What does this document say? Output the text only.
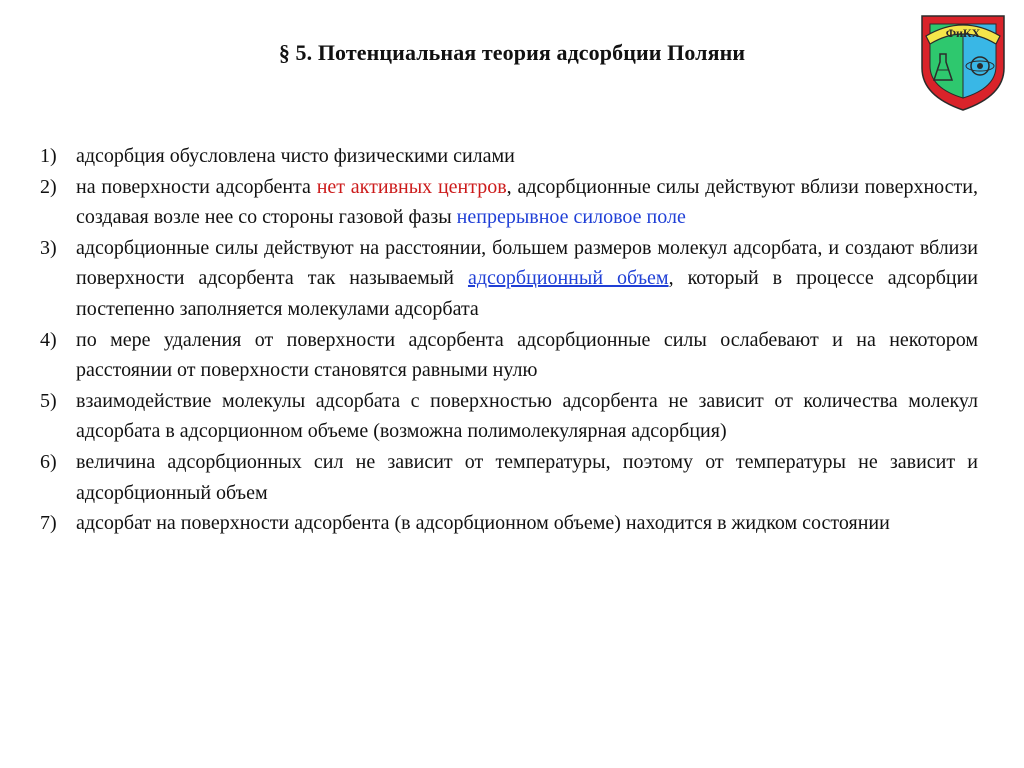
§ 5. Потенциальная теория адсорбции Поляни
ФиКХ
1) адсорбция обусловлена чисто физическими силами
2) на поверхности адсорбента нет активных центров, адсорбционные силы действуют вблизи поверхности, создавая возле нее со стороны газовой фазы непрерывное силовое поле
3) адсорбционные силы действуют на расстоянии, большем размеров молекул адсорбата, и создают вблизи поверхности адсорбента так называемый адсорбционный объем, который в процессе адсорбции постепенно заполняется молекулами адсорбата
4) по мере удаления от поверхности адсорбента адсорбционные силы ослабевают и на некотором расстоянии от поверхности становятся равными нулю
5) взаимодействие молекулы адсорбата с поверхностью адсорбента не зависит от количества молекул адсорбата в адсорционном объеме (возможна полимолекулярная адсорбция)
6) величина адсорбционных сил не зависит от температуры, поэтому от температуры не зависит и адсорбционный объем
7) адсорбат на поверхности адсорбента (в адсорбционном объеме) находится в жидком состоянии
